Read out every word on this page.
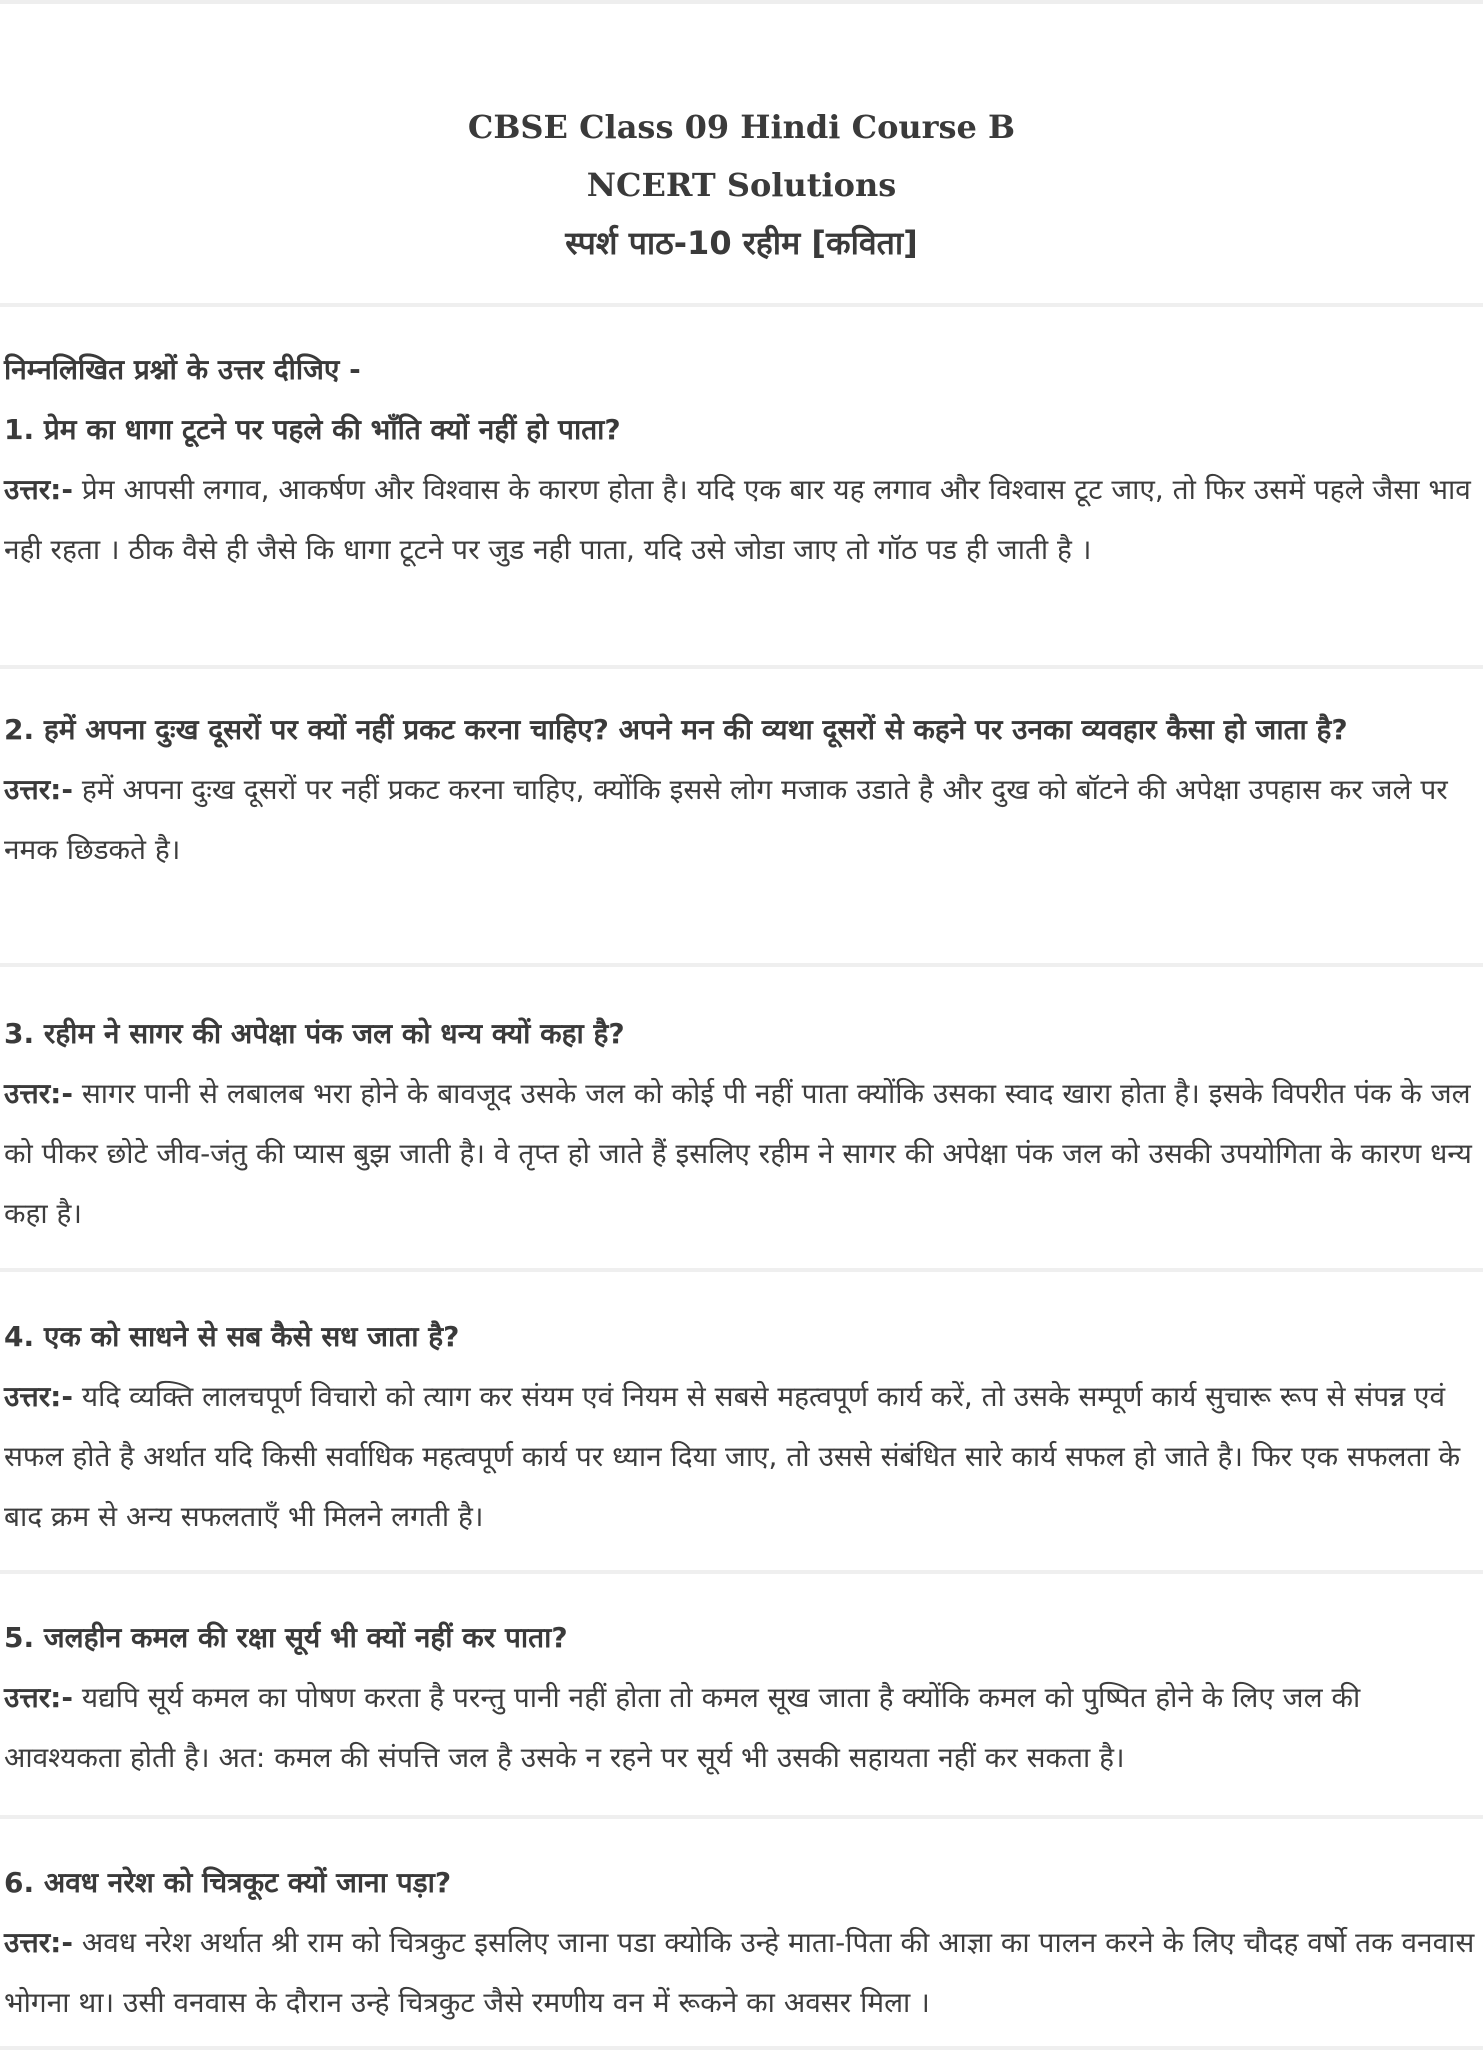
CBSE Class 09 Hindi Course B
NCERT Solutions
स्पर्श पाठ-10 रहीम [कविता]

निम्नलिखित प्रश्नों के उत्तर दीजिए -

1. प्रेम का धागा टूटने पर पहले की भाँति क्यों नहीं हो पाता?

उत्तर:- प्रेम आपसी लगाव, आकर्षण और विश्वास के कारण होता है। यदि एक बार यह लगाव और विश्वास टूट जाए, तो फिर उसमें पहले जैसा भाव नही रहता । ठीक वैसे ही जैसे कि धागा टूटने पर जुड नही पाता, यदि उसे जोडा जाए तो गॉठ पड ही जाती है ।

2. हमें अपना दुःख दूसरों पर क्यों नहीं प्रकट करना चाहिए? अपने मन की व्यथा दूसरों से कहने पर उनका व्यवहार कैसा हो जाता है?

उत्तर:- हमें अपना दुःख दूसरों पर नहीं प्रकट करना चाहिए, क्योंकि इससे लोग मजाक उडाते है और दुख को बॉटने की अपेक्षा उपहास कर जले पर नमक छिडकते है।

3. रहीम ने सागर की अपेक्षा पंक जल को धन्य क्यों कहा है?

उत्तर:- सागर पानी से लबालब भरा होने के बावजूद उसके जल को कोई पी नहीं पाता क्योंकि उसका स्वाद खारा होता है। इसके विपरीत पंक के जल को पीकर छोटे जीव-जंतु की प्यास बुझ जाती है। वे तृप्त हो जाते हैं इसलिए रहीम ने सागर की अपेक्षा पंक जल को उसकी उपयोगिता के कारण धन्य कहा है।

4. एक को साधने से सब कैसे सध जाता है?

उत्तर:- यदि व्यक्ति लालचपूर्ण विचारो को त्याग कर संयम एवं नियम से सबसे महत्वपूर्ण कार्य करें, तो उसके सम्पूर्ण कार्य सुचारू रूप से संपन्न एवं सफल होते है अर्थात यदि किसी सर्वाधिक महत्वपूर्ण कार्य पर ध्यान दिया जाए, तो उससे संबंधित सारे कार्य सफल हो जाते है। फिर एक सफलता के बाद क्रम से अन्य सफलताएँ भी मिलने लगती है।

5. जलहीन कमल की रक्षा सूर्य भी क्यों नहीं कर पाता?

उत्तर:- यद्यपि सूर्य कमल का पोषण करता है परन्तु पानी नहीं होता तो कमल सूख जाता है क्योंकि कमल को पुष्पित होने के लिए जल की आवश्यकता होती है। अत: कमल की संपत्ति जल है उसके न रहने पर सूर्य भी उसकी सहायता नहीं कर सकता है।

6. अवध नरेश को चित्रकूट क्यों जाना पड़ा?

उत्तर:- अवध नरेश अर्थात श्री राम को चित्रकुट इसलिए जाना पडा क्योकि उन्हे माता-पिता की आज्ञा का पालन करने के लिए चौदह वर्षो तक वनवास भोगना था। उसी वनवास के दौरान उन्हे चित्रकुट जैसे रमणीय वन में रूकने का अवसर मिला ।
